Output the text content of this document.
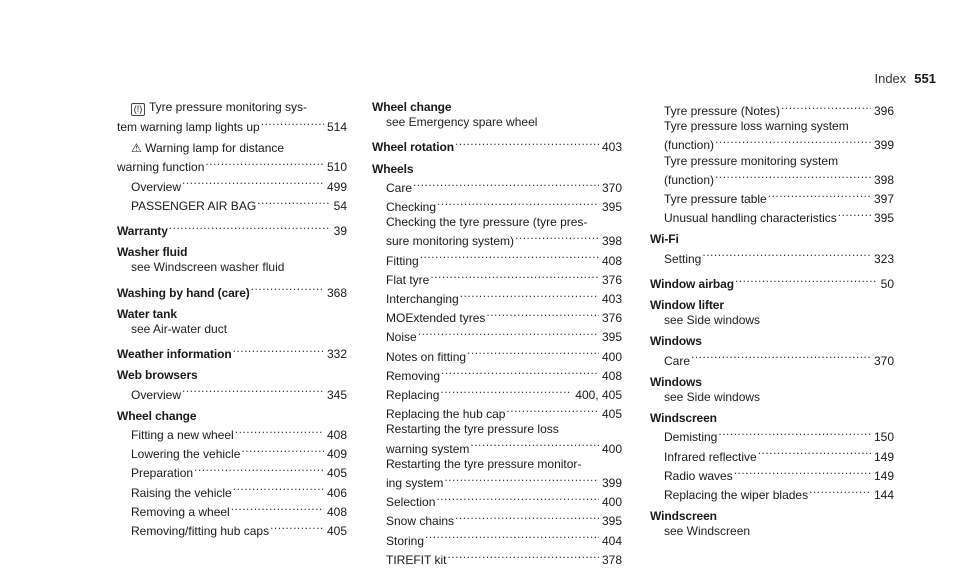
Index 551
(!) Tyre pressure monitoring sys-
tem warning lamp lights up .....	514
⚠ Warning lamp for distance
warning function .....	510
Overview .....	499
PASSENGER AIR BAG .....	54
Warranty .....	39
Washer fluid
see Windscreen washer fluid
Washing by hand (care) .....	368
Water tank
see Air-water duct
Weather information .....	332
Web browsers
Overview .....	345
Wheel change
Fitting a new wheel .....	408
Lowering the vehicle .....	409
Preparation .....	405
Raising the vehicle .....	406
Removing a wheel .....	408
Removing/fitting hub caps .....	405
Wheel change
see Emergency spare wheel
Wheel rotation .....	403
Wheels
Care .....	370
Checking .....	395
Checking the tyre pressure (tyre pres-
sure monitoring system) .....	398
Fitting .....	408
Flat tyre .....	376
Interchanging .....	403
MOExtended tyres .....	376
Noise .....	395
Notes on fitting .....	400
Removing .....	408
Replacing .....	400, 405
Replacing the hub cap .....	405
Restarting the tyre pressure loss
warning system .....	400
Restarting the tyre pressure monitor-
ing system .....	399
Selection .....	400
Snow chains .....	395
Storing .....	404
TIREFIT kit .....	378
Tyre pressure (Notes) .....	396
Tyre pressure loss warning system
(function) .....	399
Tyre pressure monitoring system
(function) .....	398
Tyre pressure table .....	397
Unusual handling characteristics .....	395
Wi-Fi
Setting .....	323
Window airbag .....	50
Window lifter
see Side windows
Windows
Care .....	370
Windows
see Side windows
Windscreen
Demisting .....	150
Infrared reflective .....	149
Radio waves .....	149
Replacing the wiper blades .....	144
Windscreen
see Windscreen
